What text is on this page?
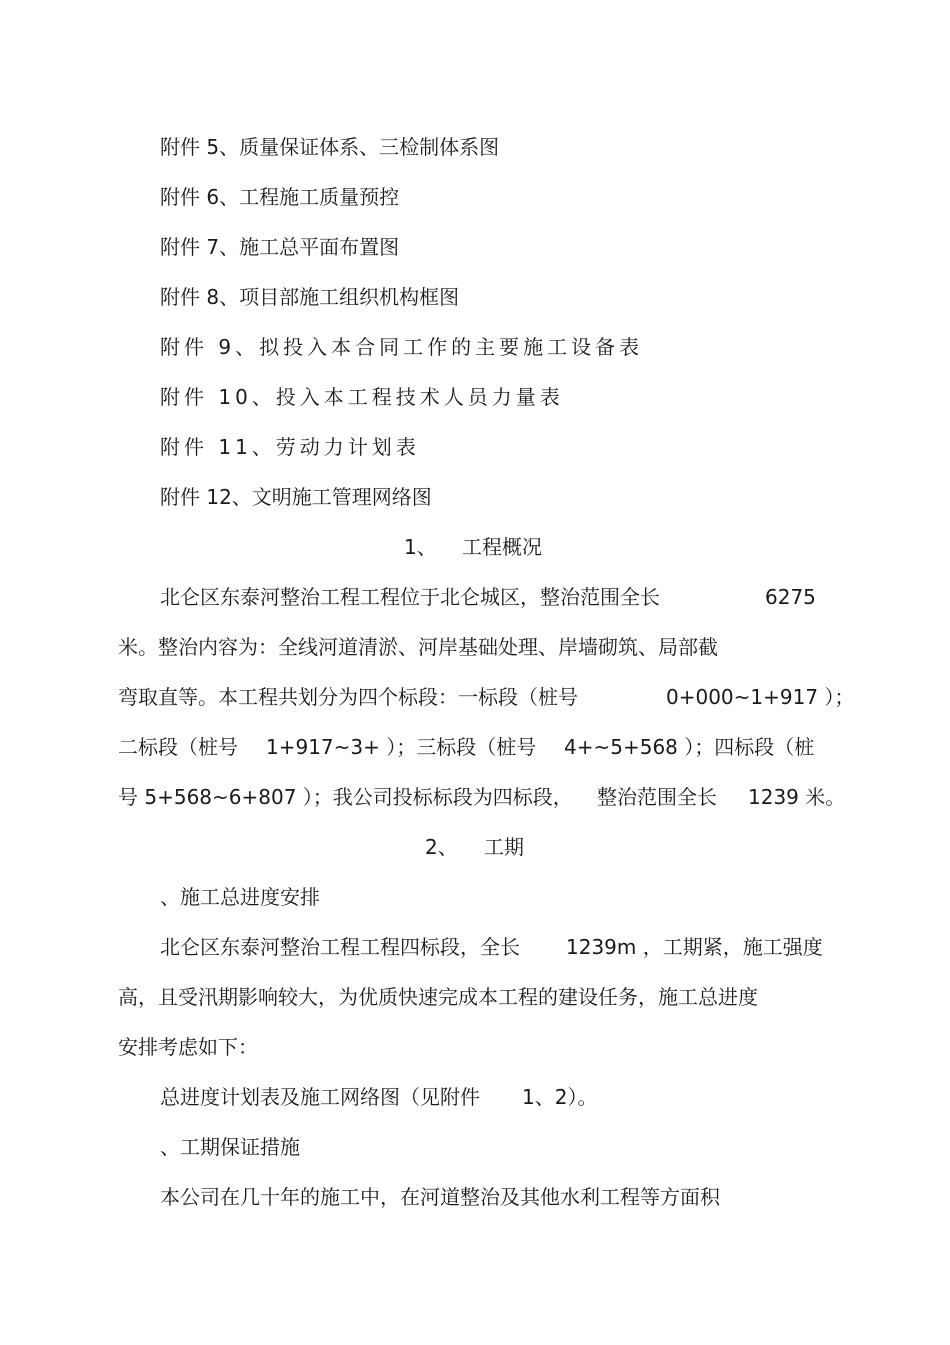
附件 5、质量保证体系、三检制体系图
附件 6、工程施工质量预控
附件 7、施工总平面布置图
附件 8、项目部施工组织机构框图
附件 9、拟投入本合同工作的主要施工设备表
附件 10、投入本工程技术人员力量表
附件 11、劳动力计划表
附件 12、文明施工管理网络图
1、 工程概况
北仑区东泰河整治工程工程位于北仑城区，整治范围全长	6275
米。整治内容为：全线河道清淤、河岸基础处理、岸墙砌筑、局部截
弯取直等。本工程共划分为四个标段：一标段（桩号	0+000~1+917 ）；
二标段（桩号 1+917~3+ ）；三标段（桩号 4+~5+568 ）；四标段（桩
号 5+568~6+807 ）；我公司投标标段为四标段， 整治范围全长 1239 米。
2、 工期
、施工总进度安排
北仑区东泰河整治工程工程四标段，全长 1239m ，工期紧，施工强度
高，且受汛期影响较大，为优质快速完成本工程的建设任务，施工总进度
安排考虑如下：
总进度计划表及施工网络图（见附件 1、2）。
、工期保证措施
本公司在几十年的施工中，在河道整治及其他水利工程等方面积
